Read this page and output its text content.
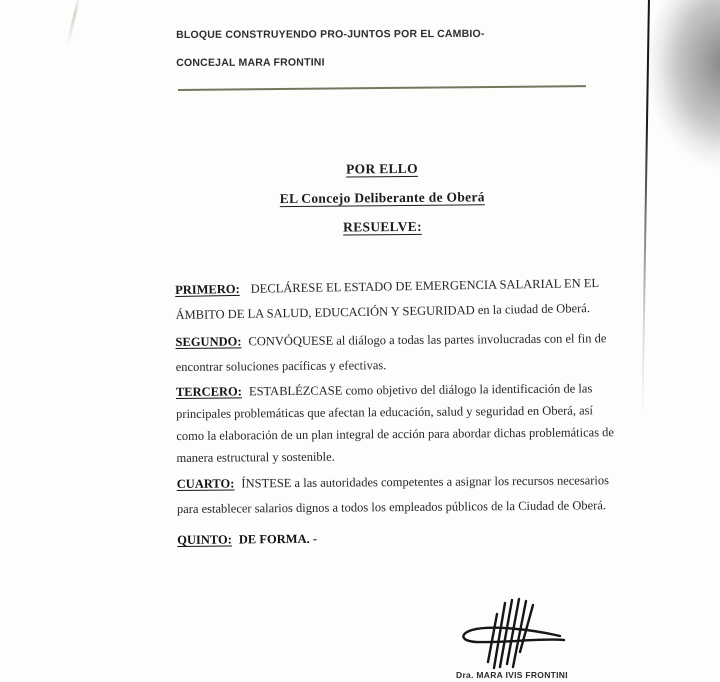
BLOQUE CONSTRUYENDO PRO-JUNTOS POR EL CAMBIO-
CONCEJAL MARA FRONTINI
POR ELLO
EL Concejo Deliberante de Oberá
RESUELVE:
PRIMERO: DECLÁRESE EL ESTADO DE EMERGENCIA SALARIAL EN EL
ÁMBITO DE LA SALUD, EDUCACIÓN Y SEGURIDAD en la ciudad de Oberá.
SEGUNDO: CONVÓQUESE al diálogo a todas las partes involucradas con el fin de
encontrar soluciones pacíficas y efectivas.
TERCERO: ESTABLÉZCASE como objetivo del diálogo la identificación de las
principales problemáticas que afectan la educación, salud y seguridad en Oberá, así
como la elaboración de un plan integral de acción para abordar dichas problemáticas de
manera estructural y sostenible.
CUARTO: ÍNSTESE a las autoridades competentes a asignar los recursos necesarios
para establecer salarios dignos a todos los empleados públicos de la Ciudad de Oberá.
QUINTO: DE FORMA. -
Dra. MARA IVIS FRONTINI
